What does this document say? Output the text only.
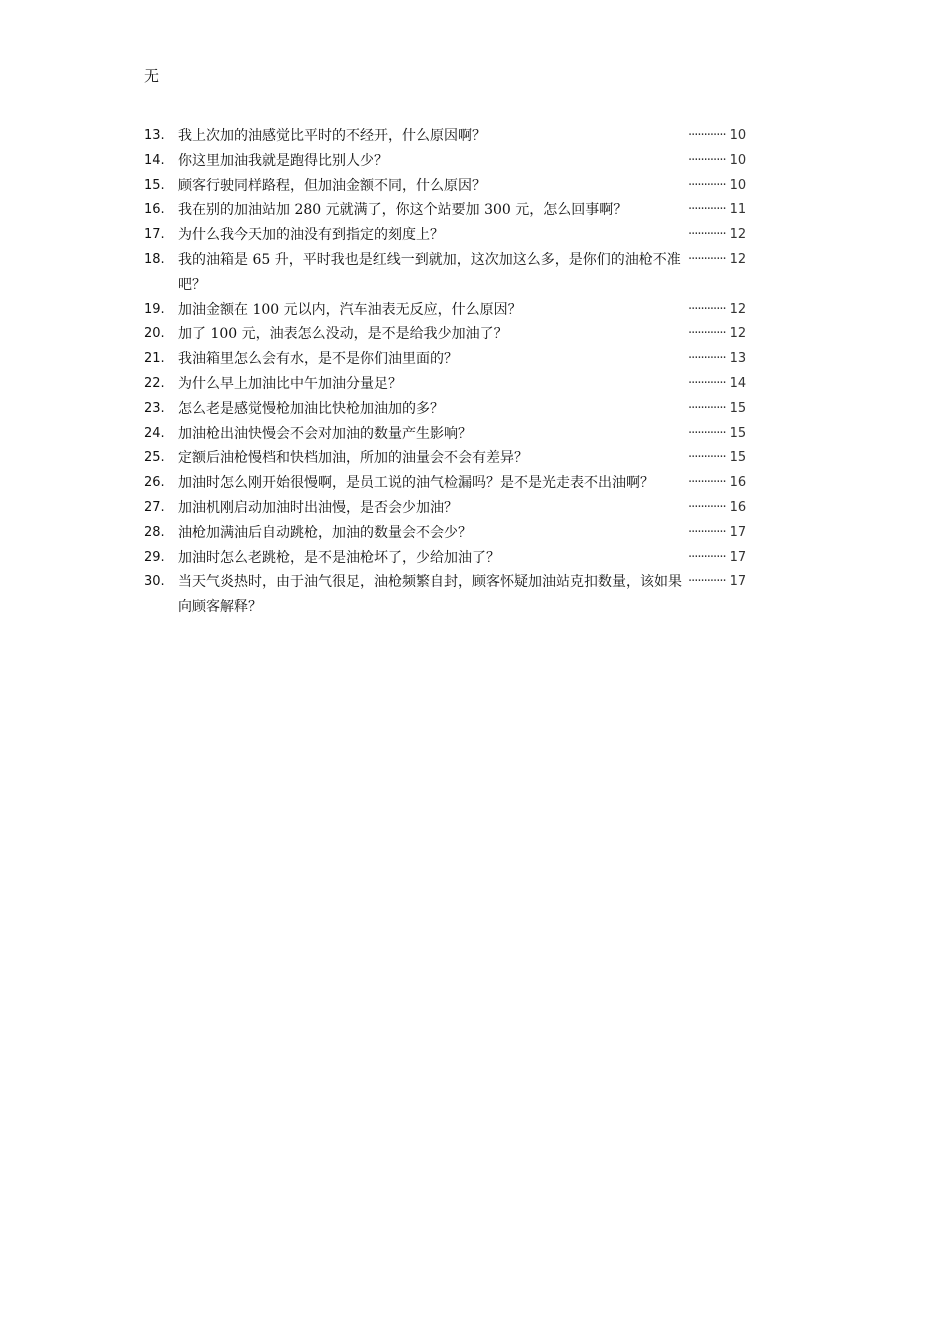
无
13. 我上次加的油感觉比平时的不经开，什么原因啊？	············ 10
14. 你这里加油我就是跑得比别人少？	············ 10
15. 顾客行驶同样路程，但加油金额不同，什么原因？	············ 10
16. 我在别的加油站加 280 元就满了，你这个站要加 300 元，怎么回事啊？	············ 11
17. 为什么我今天加的油没有到指定的刻度上？	············ 12
18. 我的油箱是 65 升，平时我也是红线一到就加，这次加这么多，是你们的油枪不准吧？
············ 12
19. 加油金额在 100 元以内，汽车油表无反应，什么原因？	············ 12
20. 加了 100 元，油表怎么没动，是不是给我少加油了？	············ 12
21. 我油箱里怎么会有水，是不是你们油里面的？	············ 13
22. 为什么早上加油比中午加油分量足？	············ 14
23. 怎么老是感觉慢枪加油比快枪加油加的多？	············ 15
24. 加油枪出油快慢会不会对加油的数量产生影响？	············ 15
25. 定额后油枪慢档和快档加油，所加的油量会不会有差异？	············ 15
26. 加油时怎么刚开始很慢啊，是员工说的油气检漏吗？是不是光走表不出油啊？	············ 16
27. 加油机刚启动加油时出油慢，是否会少加油？	············ 16
28. 油枪加满油后自动跳枪，加油的数量会不会少？	············ 17
29. 加油时怎么老跳枪，是不是油枪坏了，少给加油了？	············ 17
30. 当天气炎热时，由于油气很足，油枪频繁自封，顾客怀疑加油站克扣数量，该如果向顾客解释？
············ 17
